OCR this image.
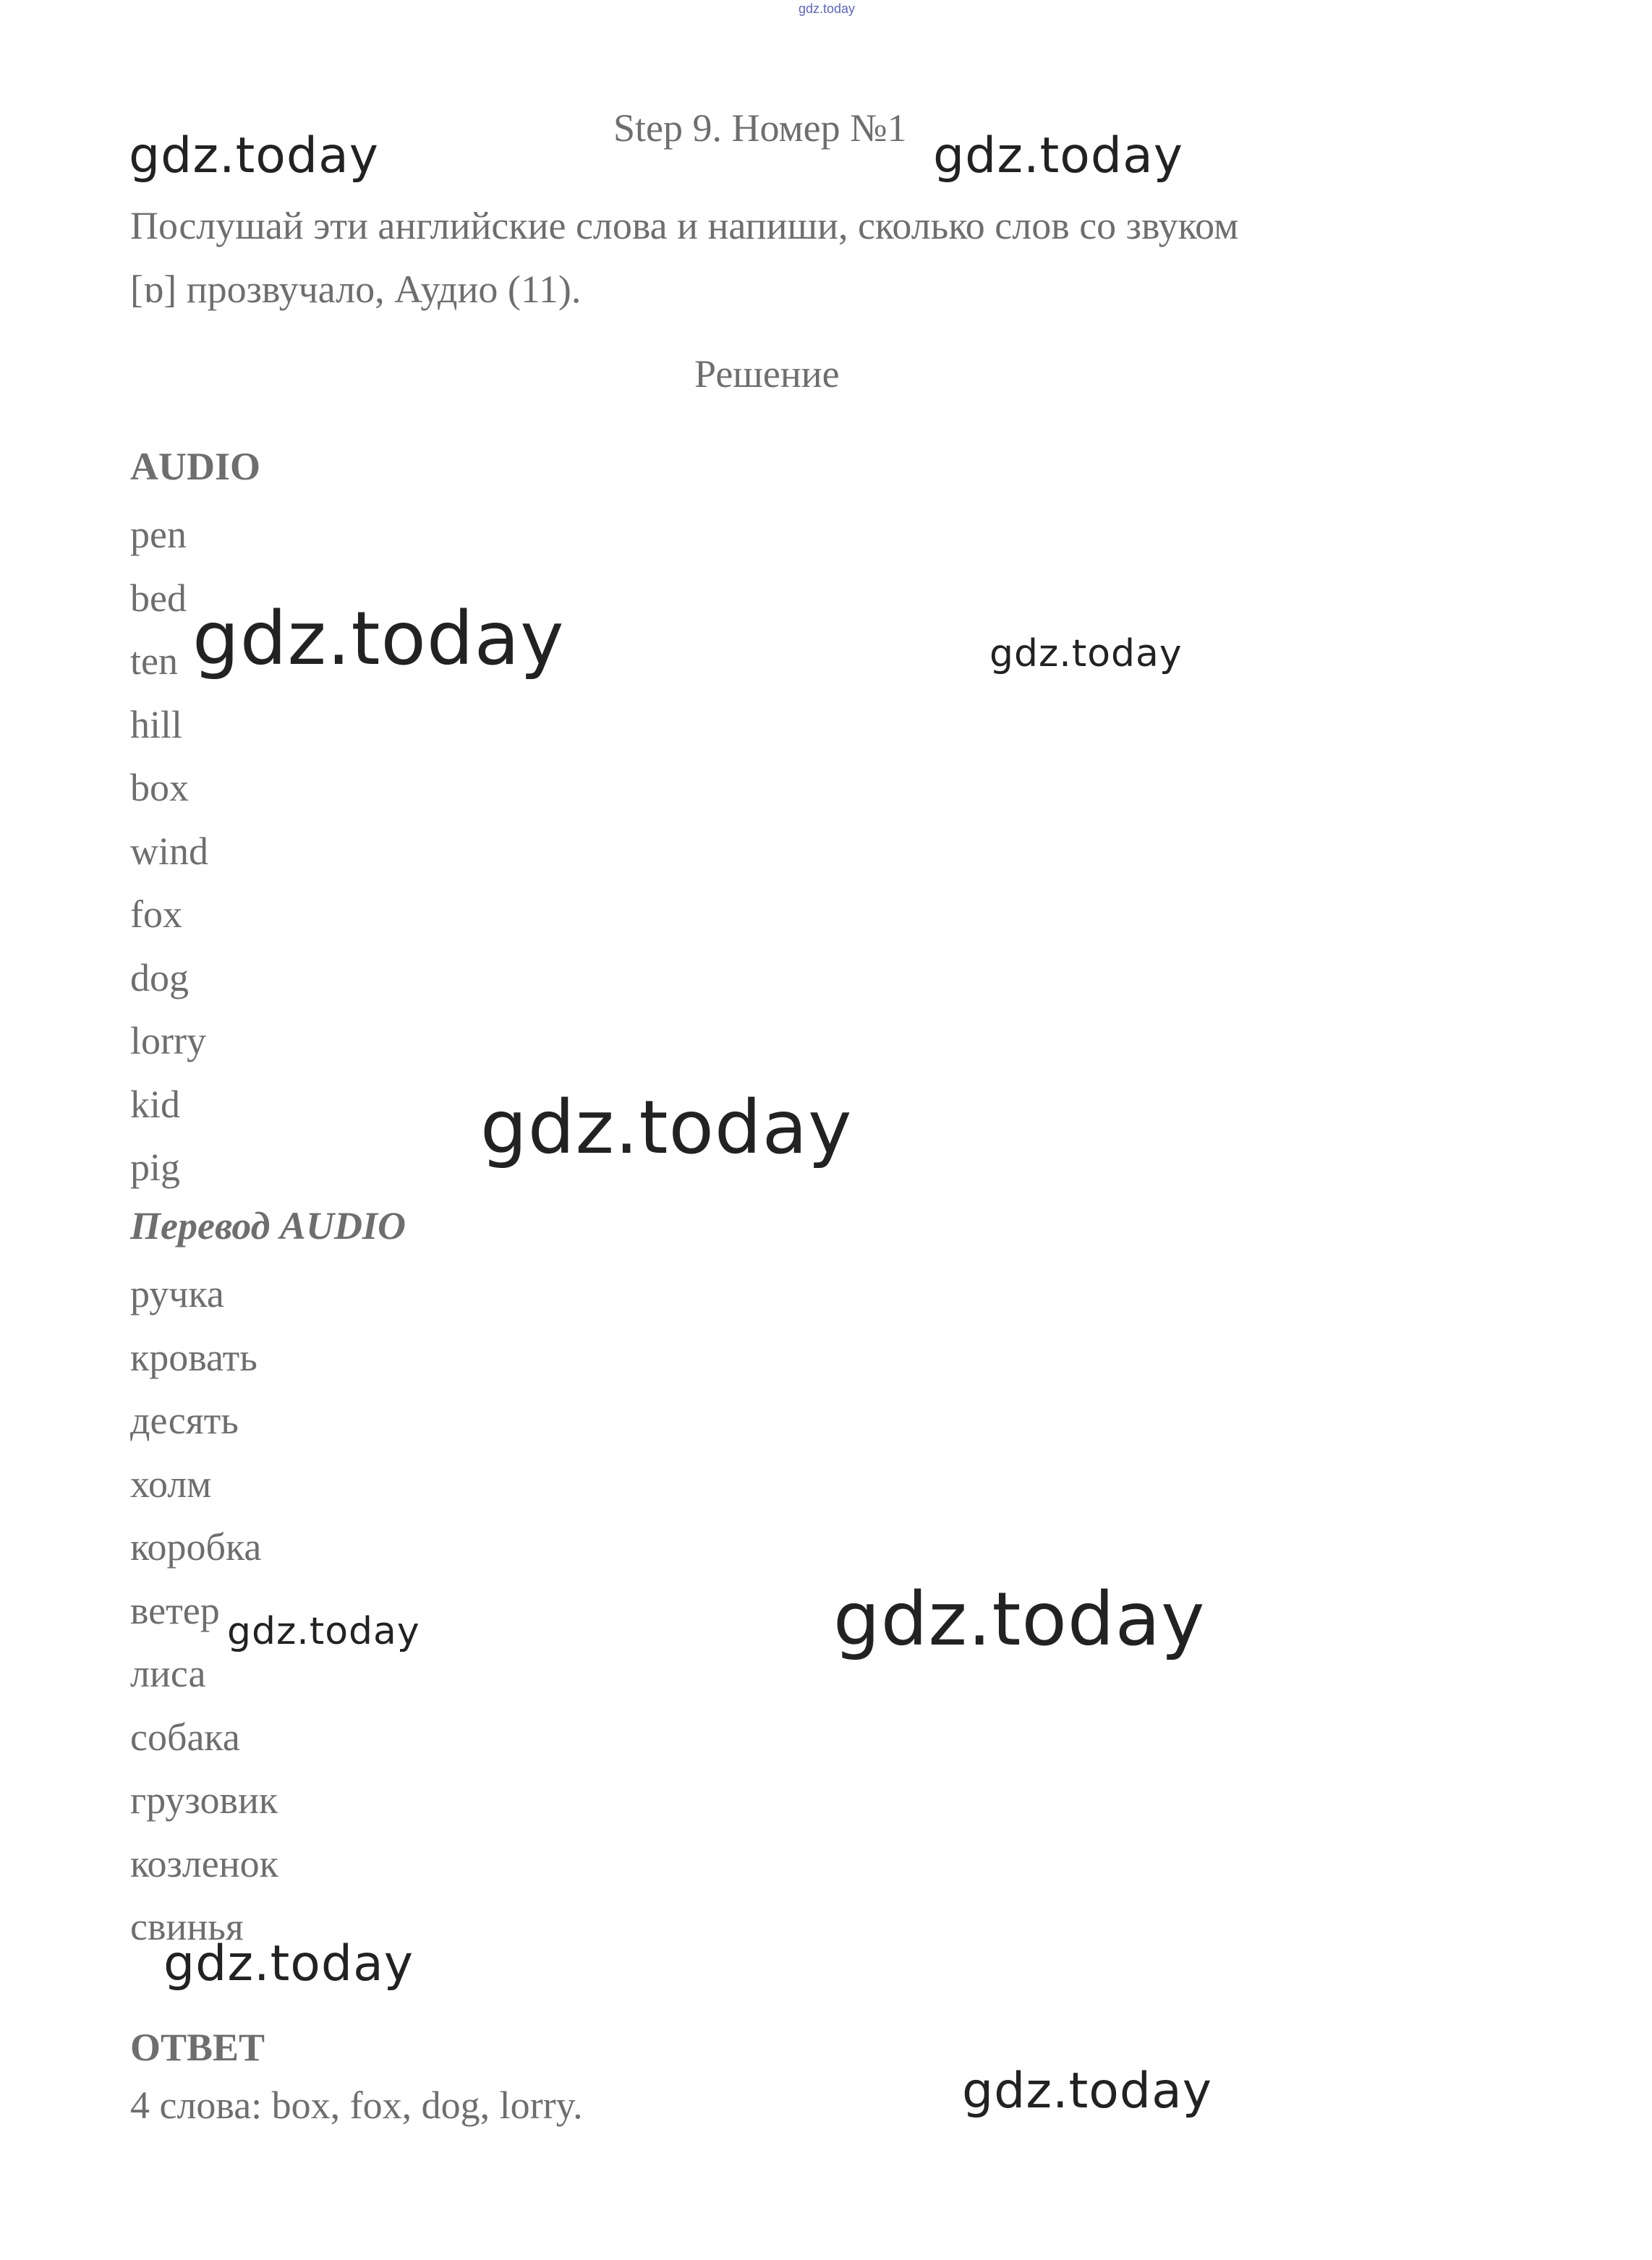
gdz.today
Step 9. Номер №1
Послушай эти английские слова и напиши, сколько слов со звуком [ɒ] прозвучало, Аудио (11).
Решение
AUDIO
pen
bed
ten
hill
box
wind
fox
dog
lorry
kid
pig
Перевод AUDIO
ручка
кровать
десять
холм
коробка
ветер
лиса
собака
грузовик
козленок
свинья
ОТВЕТ
4 слова: box, fox, dog, lorry.
gdz.today	gdz.today
gdz.today	gdz.today
gdz.today
gdz.today	gdz.today
gdz.today
gdz.today
